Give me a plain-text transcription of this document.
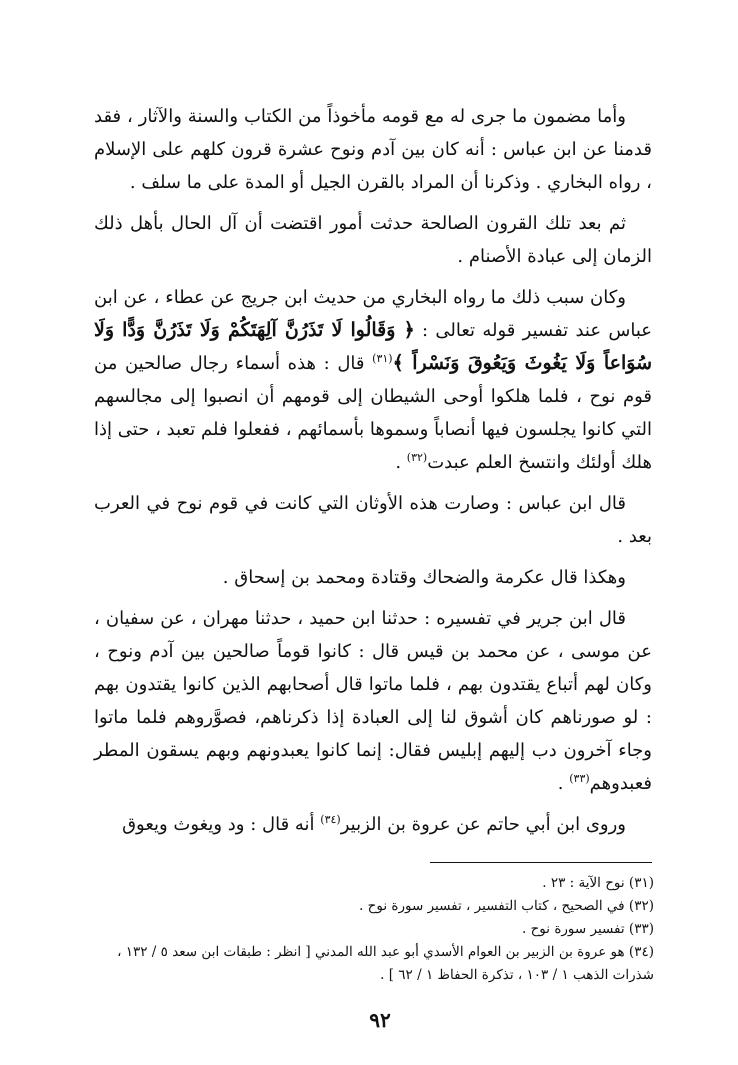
وأما مضمون ما جرى له مع قومه مأخوذاً من الكتاب والسنة والآثار ، فقد قدمنا عن ابن عباس : أنه كان بين آدم ونوح عشرة قرون كلهم على الإسلام ، رواه البخاري . وذكرنا أن المراد بالقرن الجيل أو المدة على ما سلف .

ثم بعد تلك القرون الصالحة حدثت أمور اقتضت أن آل الحال بأهل ذلك الزمان إلى عبادة الأصنام .

وكان سبب ذلك ما رواه البخاري من حديث ابن جريج عن عطاء ، عن ابن عباس عند تفسير قوله تعالى : ﴿ وَقَالُوا لَا تَذَرُنَّ آلِهَتَكُمْ وَلَا تَذَرُنَّ وَدًّا وَلَا سُوَاعاً وَلَا يَغُوثَ وَيَعُوقَ وَنَسْراً ﴾$^{(٣١)}$ قال : هذه أسماء رجال صالحين من قوم نوح ، فلما هلكوا أوحى الشيطان إلى قومهم أن انصبوا إلى مجالسهم التي كانوا يجلسون فيها أنصاباً وسموها بأسمائهم ، ففعلوا فلم تعبد ، حتى إذا هلك أولئك وانتسخ العلم عبدت$^{(٣٢)}$ .

قال ابن عباس : وصارت هذه الأوثان التي كانت في قوم نوح في العرب بعد .

وهكذا قال عكرمة والضحاك وقتادة ومحمد بن إسحاق .

قال ابن جرير في تفسيره : حدثنا ابن حميد ، حدثنا مهران ، عن سفيان ، عن موسى ، عن محمد بن قيس قال : كانوا قوماً صالحين بين آدم ونوح ، وكان لهم أتباع يقتدون بهم ، فلما ماتوا قال أصحابهم الذين كانوا يقتدون بهم : لو صورناهم كان أشوق لنا إلى العبادة إذا ذكرناهم، فصوَّروهم فلما ماتوا وجاء آخرون دب إليهم إبليس فقال: إنما كانوا يعبدونهم وبهم يسقون المطر فعبدوهم$^{(٣٣)}$ .

وروى ابن أبي حاتم عن عروة بن الزبير$^{(٣٤)}$ أنه قال : ود ويغوث ويعوق

(٣١) نوح الآية : ٢٣ .

(٣٢) في الصحيح ، كتاب التفسير ، تفسير سورة نوح .

(٣٣) تفسير سورة نوح .

(٣٤) هو عروة بن الزبير بن العوام الأسدي أبو عبد الله المدني [ انظر : طبقات ابن سعد ٥ / ١٣٢ ، شذرات الذهب ١ / ١٠٣ ، تذكرة الحفاظ ١ / ٦٢ ] .

٩٢
